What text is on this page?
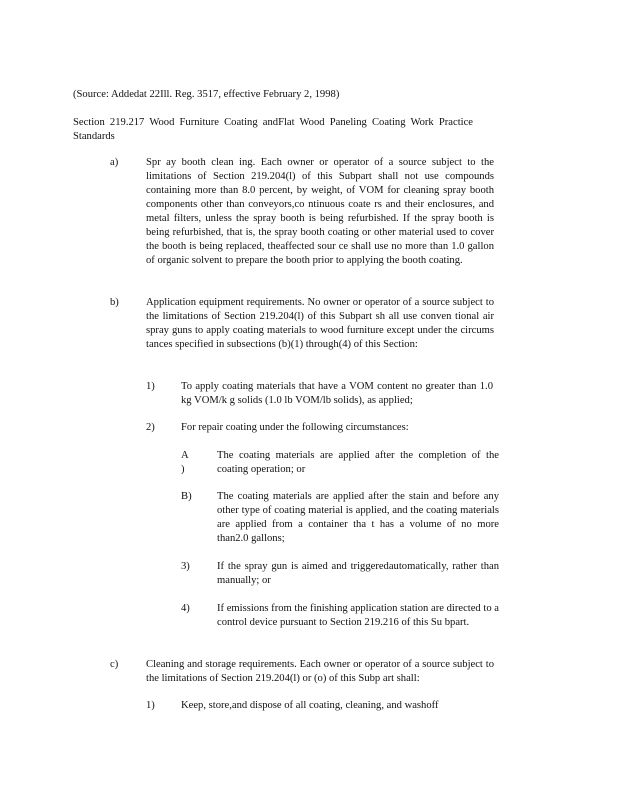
(Source: Addedat 22Ill. Reg. 3517, effective February 2, 1998)
Section 219.217 Wood Furniture Coating andFlat Wood Paneling Coating Work Practice Standards
a)	Spr ay booth clean ing. Each owner or operator of a source subject to the limitations of Section 219.204(l) of this Subpart shall not use compounds containing more than 8.0 percent, by weight, of VOM for cleaning spray booth components other than conveyors,co ntinuous coate rs and their enclosures, and metal filters, unless the spray booth is being refurbished. If the spray booth is being refurbished, that is, the spray booth coating or other material used to cover the booth is being replaced, theaffected sour ce shall use no more than 1.0 gallon of organic solvent to prepare the booth prior to applying the booth coating.
b)	Application equipment requirements. No owner or operator of a source subject to the limitations of Section 219.204(l) of this Subpart sh all use conven tional air spray guns to apply coating materials to wood furniture except under the circums tances specified in subsections (b)(1) through(4) of this Section:
1) To apply coating materials that have a VOM content no greater than 1.0 kg VOM/k g solids (1.0 lb VOM/lb solids), as applied;
2) For repair coating under the following circumstances:
A )
The coating materials are applied after the completion of the coating operation; or
B) The coating materials are applied after the stain and before any other type of coating material is applied, and the coating materials are applied from a container tha t has a volume of no more than2.0 gallons;
3)	If the spray gun is aimed and triggeredautomatically, rather than manually; or
4)	If emissions from the finishing application station are directed to a control device pursuant to Section 219.216 of this Su bpart.
c)	Cleaning and storage requirements. Each owner or operator of a source subject to the limitations of Section 219.204(l) or (o) of this Subp art shall:
1) Keep, store,and dispose of all coating, cleaning, and washoff
